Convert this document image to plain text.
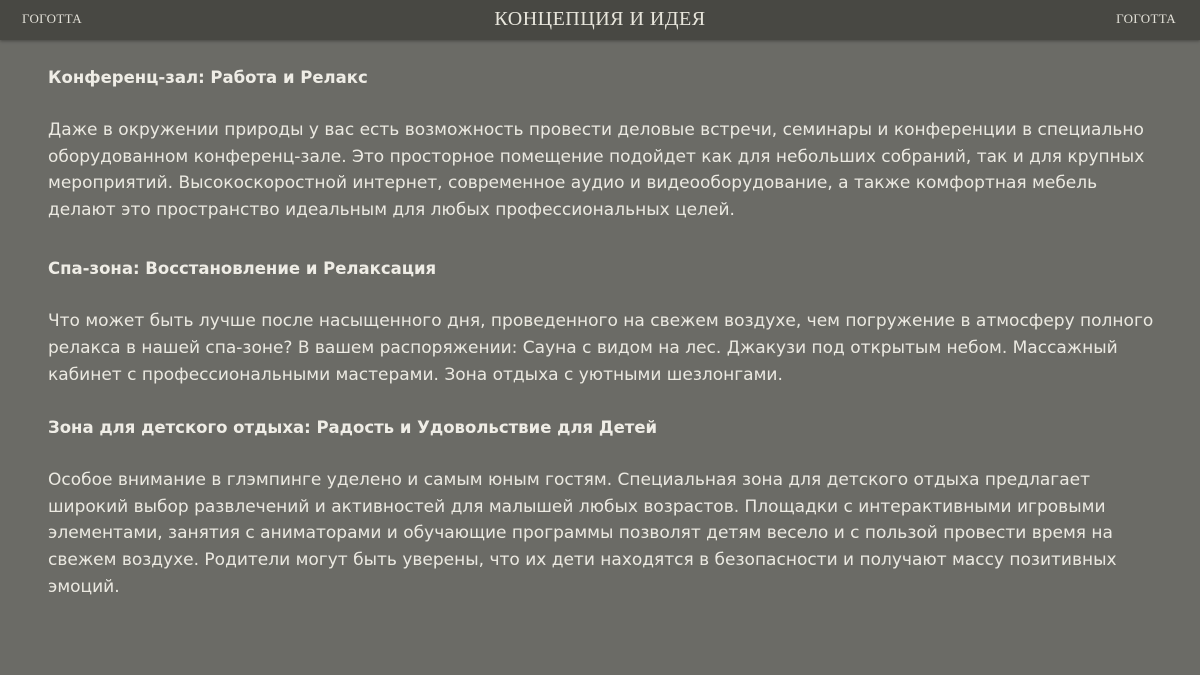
ГОГОТТА	КОНЦЕПЦИЯ И ИДЕЯ	ГОГОТТА
Конференц-зал: Работа и Релакс

Даже в окружении природы у вас есть возможность провести деловые встречи, семинары и конференции в специально оборудованном конференц-зале. Это просторное помещение подойдет как для небольших собраний, так и для крупных мероприятий. Высокоскоростной интернет, современное аудио и видеооборудование, а также комфортная мебель делают это пространство идеальным для любых профессиональных целей.

Спа-зона: Восстановление и Релаксация

Что может быть лучше после насыщенного дня, проведенного на свежем воздухе, чем погружение в атмосферу полного релакса в нашей спа-зоне? В вашем распоряжении: Сауна с видом на лес. Джакузи под открытым небом. Массажный кабинет с профессиональными мастерами. Зона отдыха с уютными шезлонгами.

Зона для детского отдыха: Радость и Удовольствие для Детей

Особое внимание в глэмпинге уделено и самым юным гостям. Специальная зона для детского отдыха предлагает широкий выбор развлечений и активностей для малышей любых возрастов. Площадки с интерактивными игровыми элементами, занятия с аниматорами и обучающие программы позволят детям весело и с пользой провести время на свежем воздухе. Родители могут быть уверены, что их дети находятся в безопасности и получают массу позитивных эмоций.
